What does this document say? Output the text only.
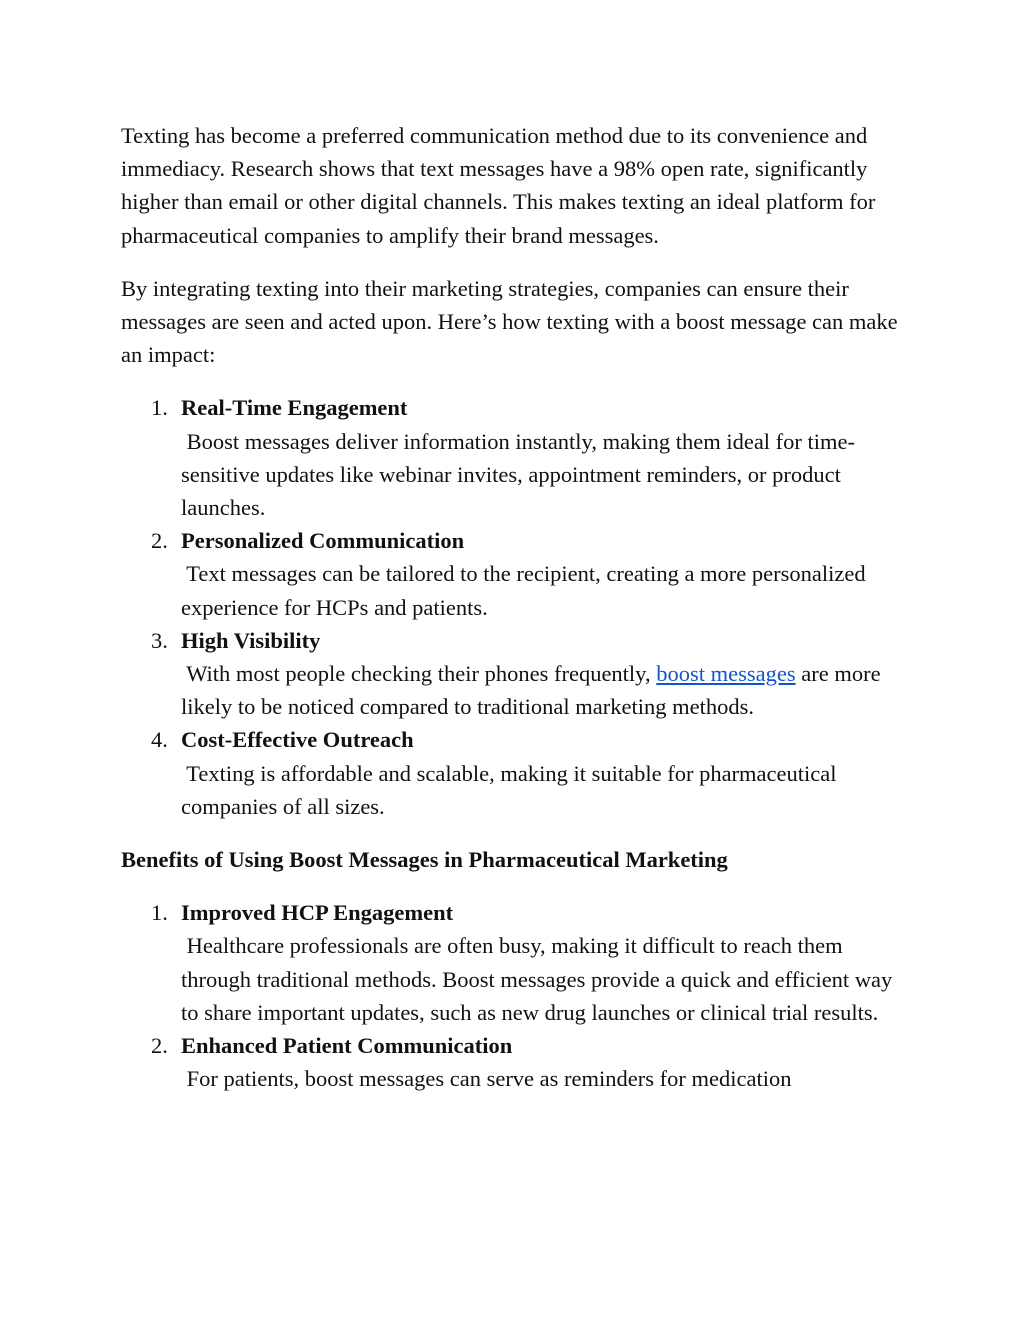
Texting has become a preferred communication method due to its convenience and immediacy. Research shows that text messages have a 98% open rate, significantly higher than email or other digital channels. This makes texting an ideal platform for pharmaceutical companies to amplify their brand messages.

By integrating texting into their marketing strategies, companies can ensure their messages are seen and acted upon. Here’s how texting with a boost message can make an impact:

1. Real-Time Engagement
Boost messages deliver information instantly, making them ideal for time-sensitive updates like webinar invites, appointment reminders, or product launches.
2. Personalized Communication
Text messages can be tailored to the recipient, creating a more personalized experience for HCPs and patients.
3. High Visibility
With most people checking their phones frequently, boost messages are more likely to be noticed compared to traditional marketing methods.
4. Cost-Effective Outreach
Texting is affordable and scalable, making it suitable for pharmaceutical companies of all sizes.

Benefits of Using Boost Messages in Pharmaceutical Marketing

1. Improved HCP Engagement
Healthcare professionals are often busy, making it difficult to reach them through traditional methods. Boost messages provide a quick and efficient way to share important updates, such as new drug launches or clinical trial results.
2. Enhanced Patient Communication
For patients, boost messages can serve as reminders for medication
